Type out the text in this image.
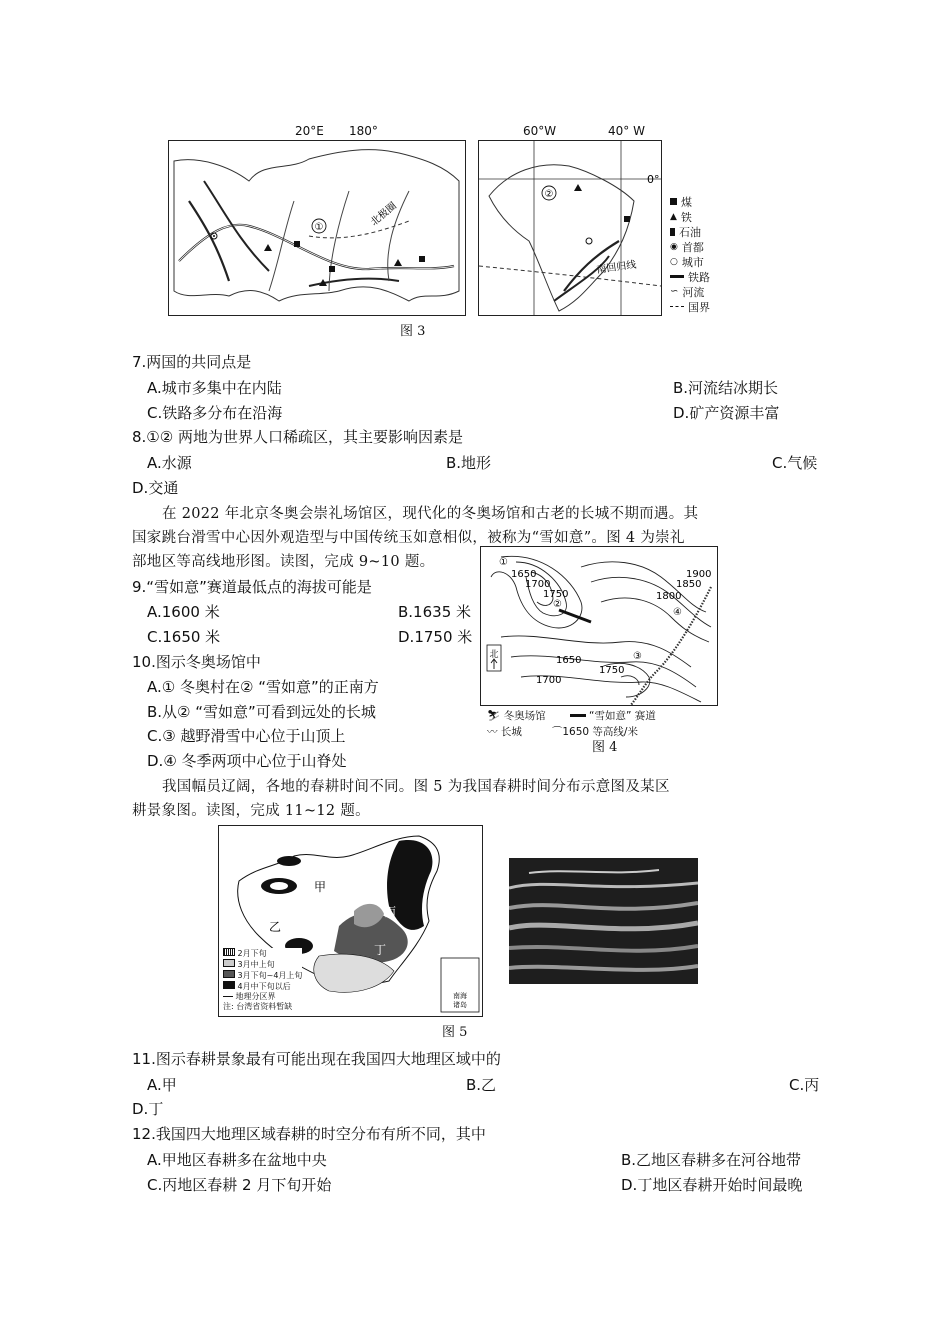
①	北极圈
20°E 180°
②
0°
南回归线
60°W	40° W
煤
▲ 铁
石油
◉ 首都
○ 城市
铁路
∽ 河流
国界
图 3
7.两国的共同点是
A.城市多集中在内陆	B.河流结冰期长
C.铁路多分布在沿海	D.矿产资源丰富
8.①② 两地为世界人口稀疏区，其主要影响因素是
A.水源	B.地形	C.气候
D.交通
在 2022 年北京冬奥会崇礼场馆区，现代化的冬奥场馆和古老的长城不期而遇。其
国家跳台滑雪中心因外观造型与中国传统玉如意相似，被称为“雪如意”。图 4 为崇礼
部地区等高线地形图。读图，完成 9~10 题。
9.“雪如意”赛道最低点的海拔可能是
A.1600 米	B.1635 米
C.1650 米	D.1750 米
10.图示冬奥场馆中
A.① 冬奥村在② “雪如意”的正南方
B.从② “雪如意”可看到远处的长城
C.③ 越野滑雪中心位于山顶上
D.④ 冬季两项中心位于山脊处
1650
1700
1750
1900
1850
1800
1650
1700
1750
①
②
③
④
北
⛷ 冬奥场馆	“雪如意” 赛道
〰 长城	⌒1650 等高线/米
图 4
我国幅员辽阔，各地的春耕时间不同。图 5 为我国春耕时间分布示意图及某区
耕景象图。读图，完成 11~12 题。
甲
乙
丙
丁
南海
诸岛
2月下旬
3月中上旬
3月下旬~4月上旬
4月中下旬以后
地理分区界
注: 台湾省资料暂缺
图 5
11.图示春耕景象最有可能出现在我国四大地理区域中的
A.甲	B.乙	C.丙
D.丁
12.我国四大地理区域春耕的时空分布有所不同，其中
A.甲地区春耕多在盆地中央	B.乙地区春耕多在河谷地带
C.丙地区春耕 2 月下旬开始	D.丁地区春耕开始时间最晚
